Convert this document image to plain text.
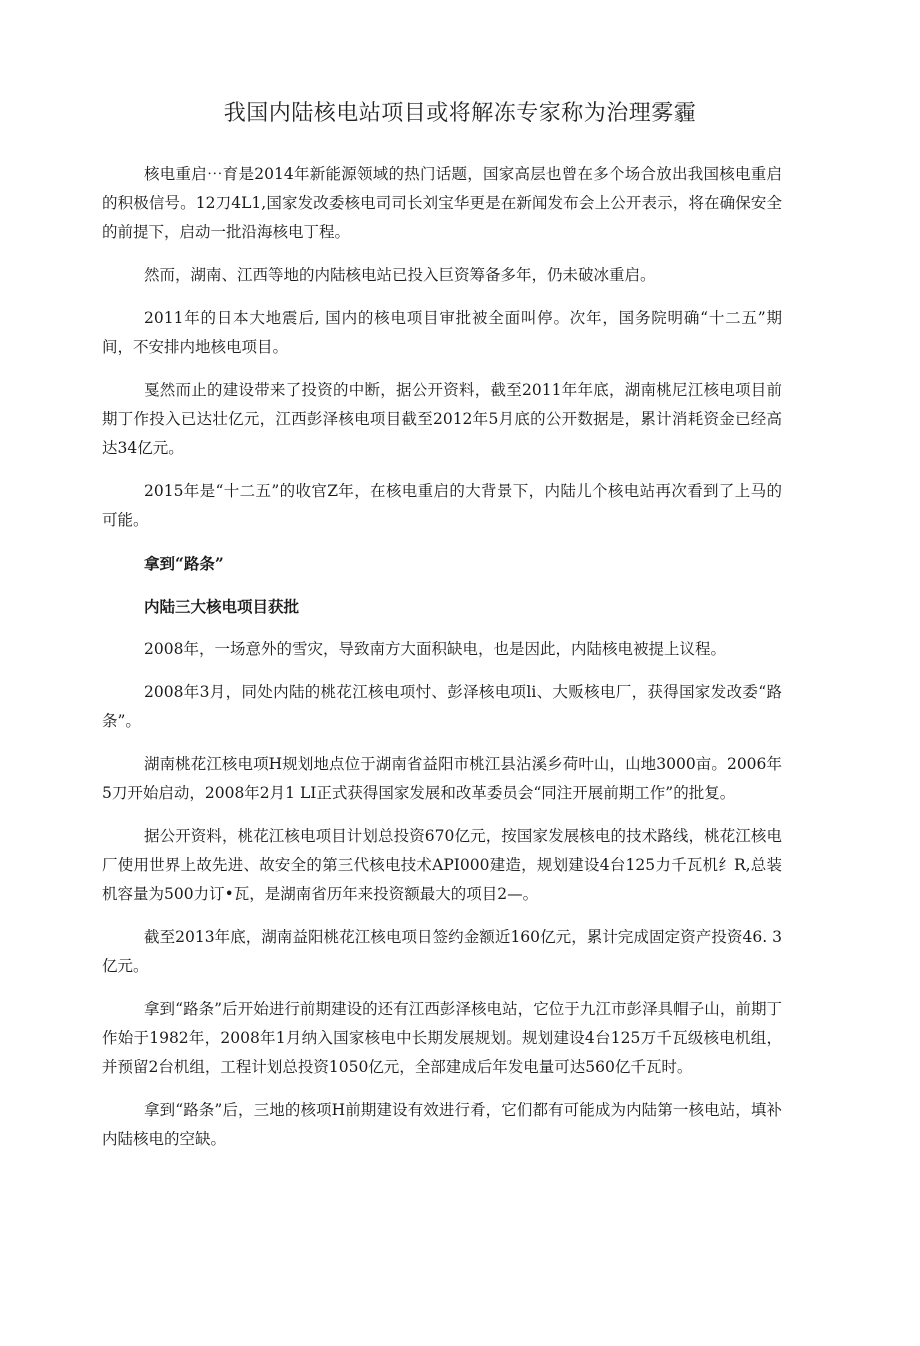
我国内陆核电站项目或将解冻专家称为治理雾霾

核电重启⋯育是2014年新能源领域的热门话题，国家高层也曾在多个场合放出我国核电重启的积极信号。12刀4L1,国家发改委核电司司长刘宝华更是在新闻发布会上公开表示，将在确保安全的前提下，启动一批沿海核电丁程。

然而，湖南、江西等地的内陆核电站已投入巨资筹备多年，仍未破冰重启。

2011年的日本大地震后, 国内的核电项目审批被全面叫停。次年，国务院明确“十二五”期间，不安排内地核电项目。

戛然而止的建设带来了投资的中断，据公开资料，截至2011年年底，湖南桃尼江核电项目前期丁作投入已达壮亿元，江西彭泽核电项目截至2012年5月底的公开数据是，累计消耗资金已经高达34亿元。

2015年是“十二五”的收官Z年，在核电重启的大背景下，内陆儿个核电站再次看到了上马的可能。

拿到“路条”

内陆三大核电项目获批

2008年，一场意外的雪灾，导致南方大面积缺电，也是因此，内陆核电被提上议程。

2008年3月，同处内陆的桃花江核电项忖、彭泽核电项li、大贩核电厂，获得国家发改委“路条”。

湖南桃花江核电项H规划地点位于湖南省益阳市桃江县沾溪乡荷叶山，山地3000亩。2006年5刀开始启动，2008年2月1 LI正式获得国家发展和改革委员会“同注开展前期工作”的批复。

据公开资料，桃花江核电项目计划总投资670亿元，按国家发展核电的技术路线，桃花江核电厂使用世界上故先进、故安全的第三代核电技术API000建造，规划建设4台125力千瓦机纟R,总装机容量为500力订•瓦，是湖南省历年来投资额最大的项目2—。

截至2013年底，湖南益阳桃花江核电项日签约金额近160亿元，累计完成固定资产投资46. 3亿元。

拿到“路条”后开始进行前期建设的还有江西彭泽核电站，它位于九江市彭泽具帽子山，前期丁作始于1982年，2008年1月纳入国家核电中长期发展规划。规划建设4台125万千瓦级核电机组，并预留2台机组，工程计划总投资1050亿元，全部建成后年发电量可达560亿千瓦时。

拿到“路条”后，三地的核项H前期建设有效进行肴，它们都有可能成为内陆第一核电站，填补内陆核电的空缺。
